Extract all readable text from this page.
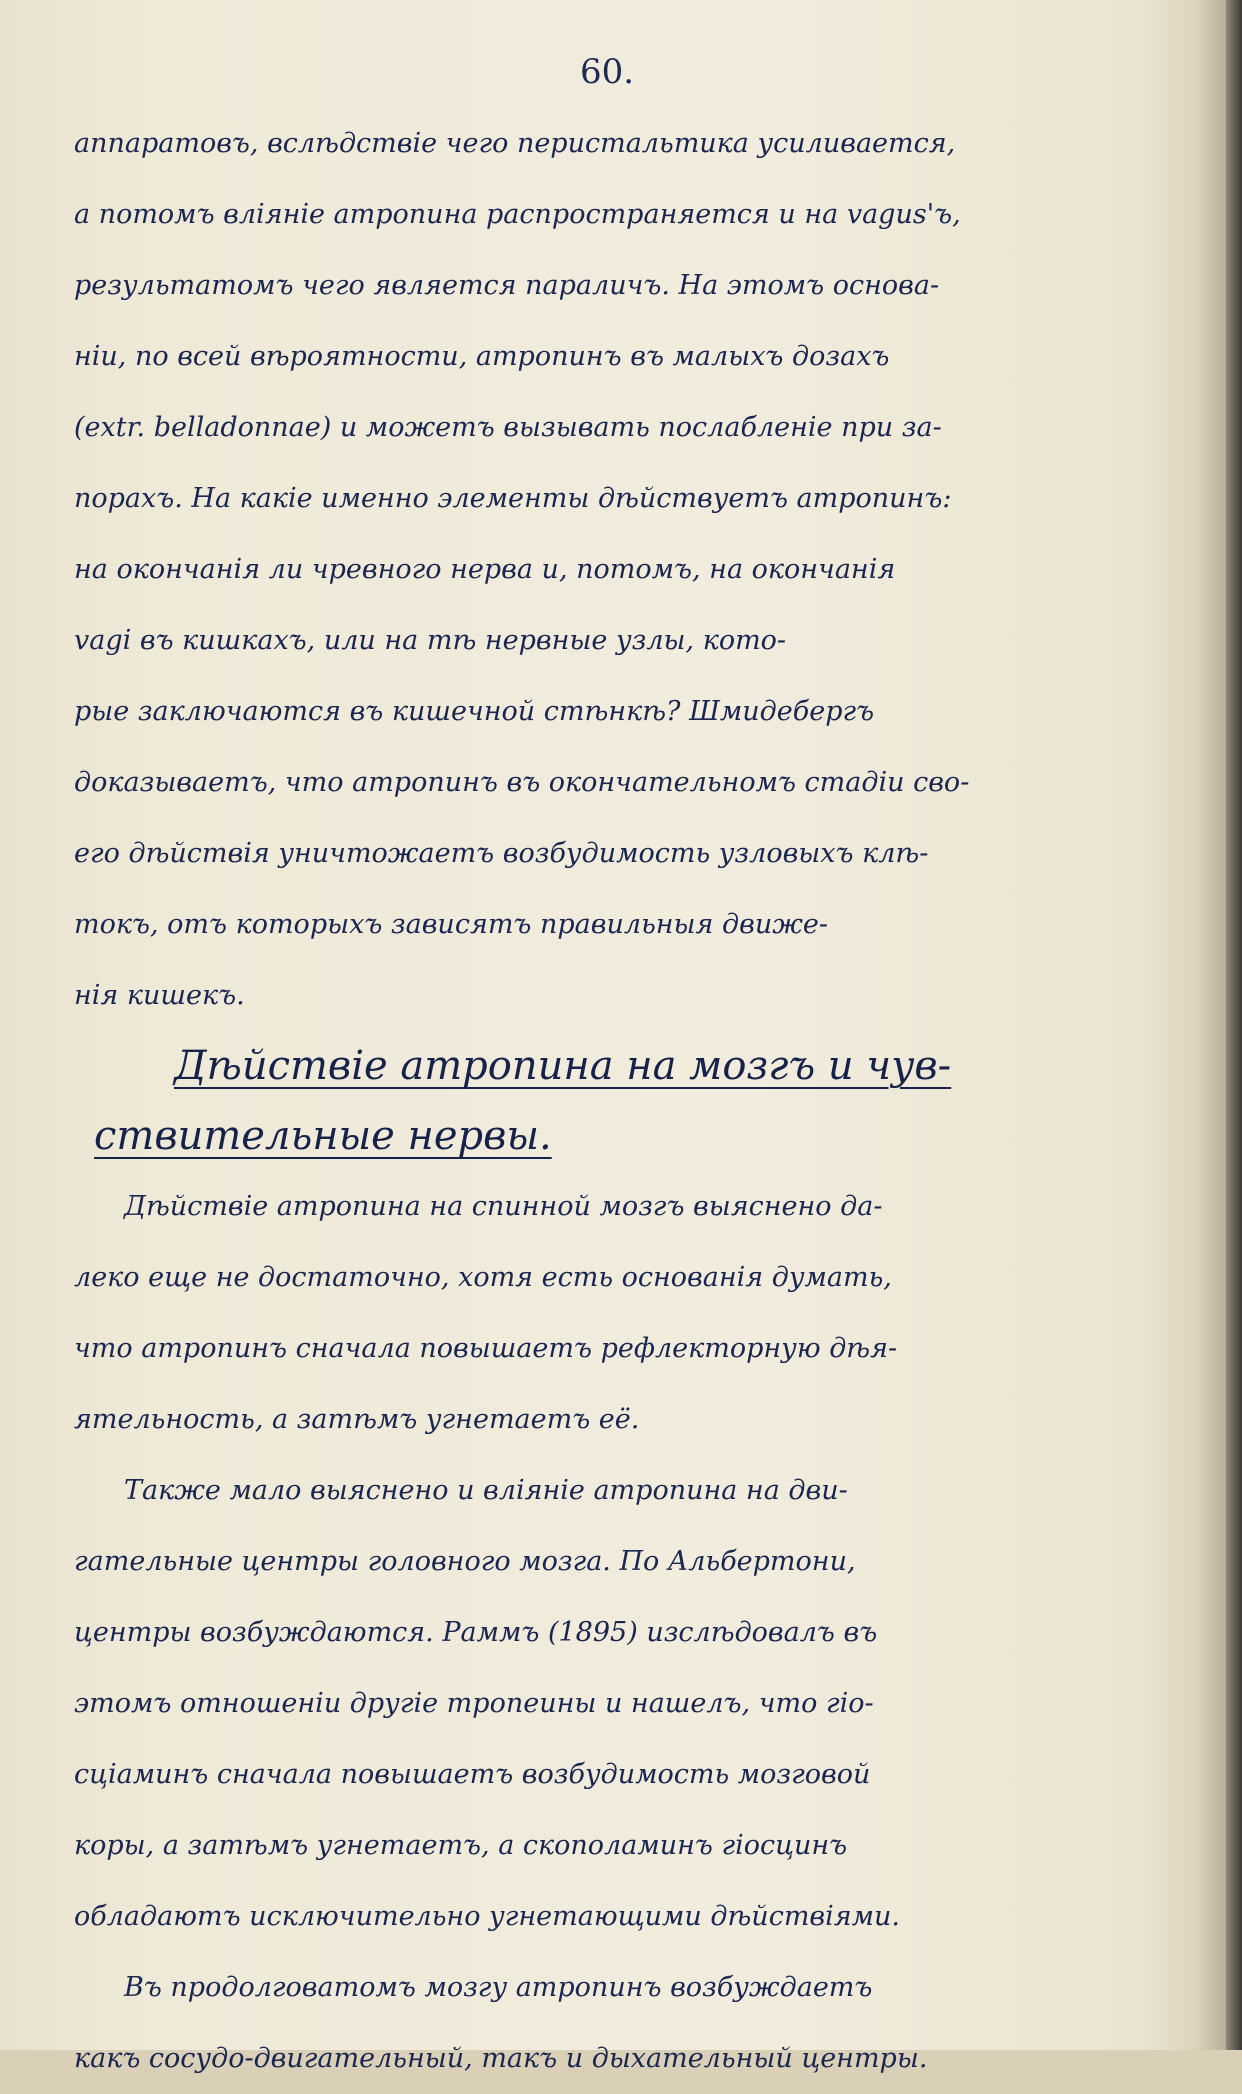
60.
аппаратовъ, вслѣдствіе чего перистальтика усиливается,
а потомъ вліяніе атропина распространяется и на vagus'ъ,
результатомъ чего является параличъ. На этомъ основа-
ніи, по всей вѣроятности, атропинъ въ малыхъ дозахъ
(extr. belladonnae) и можетъ вызывать послабленіе при за-
порахъ. На какіе именно элементы дѣйствуетъ атропинъ:
на окончанія ли чревного нерва и, потомъ, на окончанія
vagi въ кишкахъ, или на тѣ нервные узлы, кото-
рые заключаются въ кишечной стѣнкѣ? Шмидебергъ
доказываетъ, что атропинъ въ окончательномъ стадіи сво-
его дѣйствія уничтожаетъ возбудимость узловыхъ клѣ-
токъ, отъ которыхъ зависятъ правильныя движе-
нія кишекъ.
Дѣйствіе атропина на мозгъ и чув-
ствительные нервы.
Дѣйствіе атропина на спинной мозгъ выяснено да-
леко еще не достаточно, хотя есть основанія думать,
что атропинъ сначала повышаетъ рефлекторную дѣя-
ятельность, а затѣмъ угнетаетъ её.
Также мало выяснено и вліяніе атропина на дви-
гательные центры головного мозга. По Альбертони,
центры возбуждаются. Раммъ (1895) изслѣдовалъ въ
этомъ отношеніи другіе тропеины и нашелъ, что гіо-
сціаминъ сначала повышаетъ возбудимость мозговой
коры, а затѣмъ угнетаетъ, а скополаминъ гіосцинъ
обладаютъ исключительно угнетающими дѣйствіями.
Въ продолговатомъ мозгу атропинъ возбуждаетъ
какъ сосудо-двигательный, такъ и дыхательный центры.
